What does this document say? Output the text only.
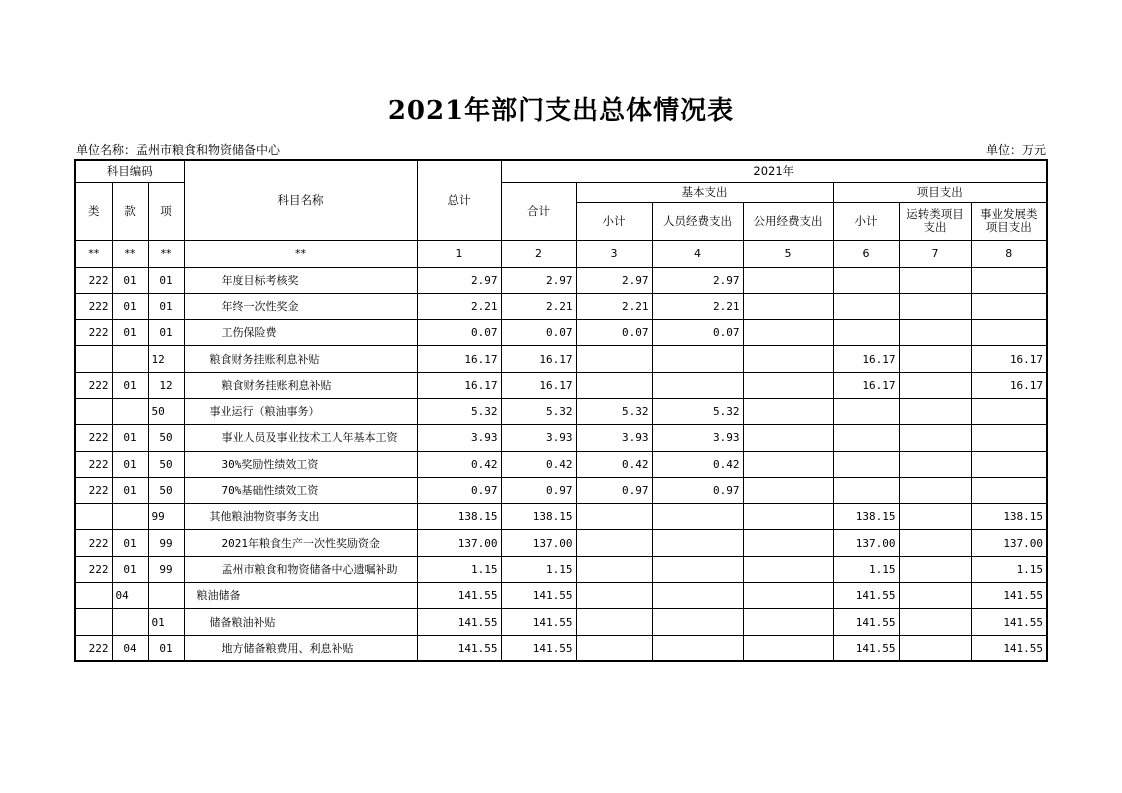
2021年部门支出总体情况表
单位名称：孟州市粮食和物资储备中心	单位：万元
科目编码			科目名称	总计	2021年						
类	款	项			合计	基本支出			项目支出		
						小计	人员经费支出	公用经费支出	小计	运转类项目支出	事业发展类项目支出
**	**	**	**	1	2	3	4	5	6	7	8
222	01	01	年度目标考核奖	2.97	2.97	2.97	2.97				
222	01	01	年终一次性奖金	2.21	2.21	2.21	2.21				
222	01	01	工伤保险费	0.07	0.07	0.07	0.07				
		12	粮食财务挂账利息补贴	16.17	16.17				16.17		16.17
222	01	12	粮食财务挂账利息补贴	16.17	16.17				16.17		16.17
		50	事业运行（粮油事务）	5.32	5.32	5.32	5.32				
222	01	50	事业人员及事业技术工人年基本工资	3.93	3.93	3.93	3.93				
222	01	50	30%奖励性绩效工资	0.42	0.42	0.42	0.42				
222	01	50	70%基础性绩效工资	0.97	0.97	0.97	0.97				
		99	其他粮油物资事务支出	138.15	138.15				138.15		138.15
222	01	99	2021年粮食生产一次性奖励资金	137.00	137.00				137.00		137.00
222	01	99	孟州市粮食和物资储备中心遗嘱补助	1.15	1.15				1.15		1.15
	04		粮油储备	141.55	141.55				141.55		141.55
		01	储备粮油补贴	141.55	141.55				141.55		141.55
222	04	01	地方储备粮费用、利息补贴	141.55	141.55				141.55		141.55
